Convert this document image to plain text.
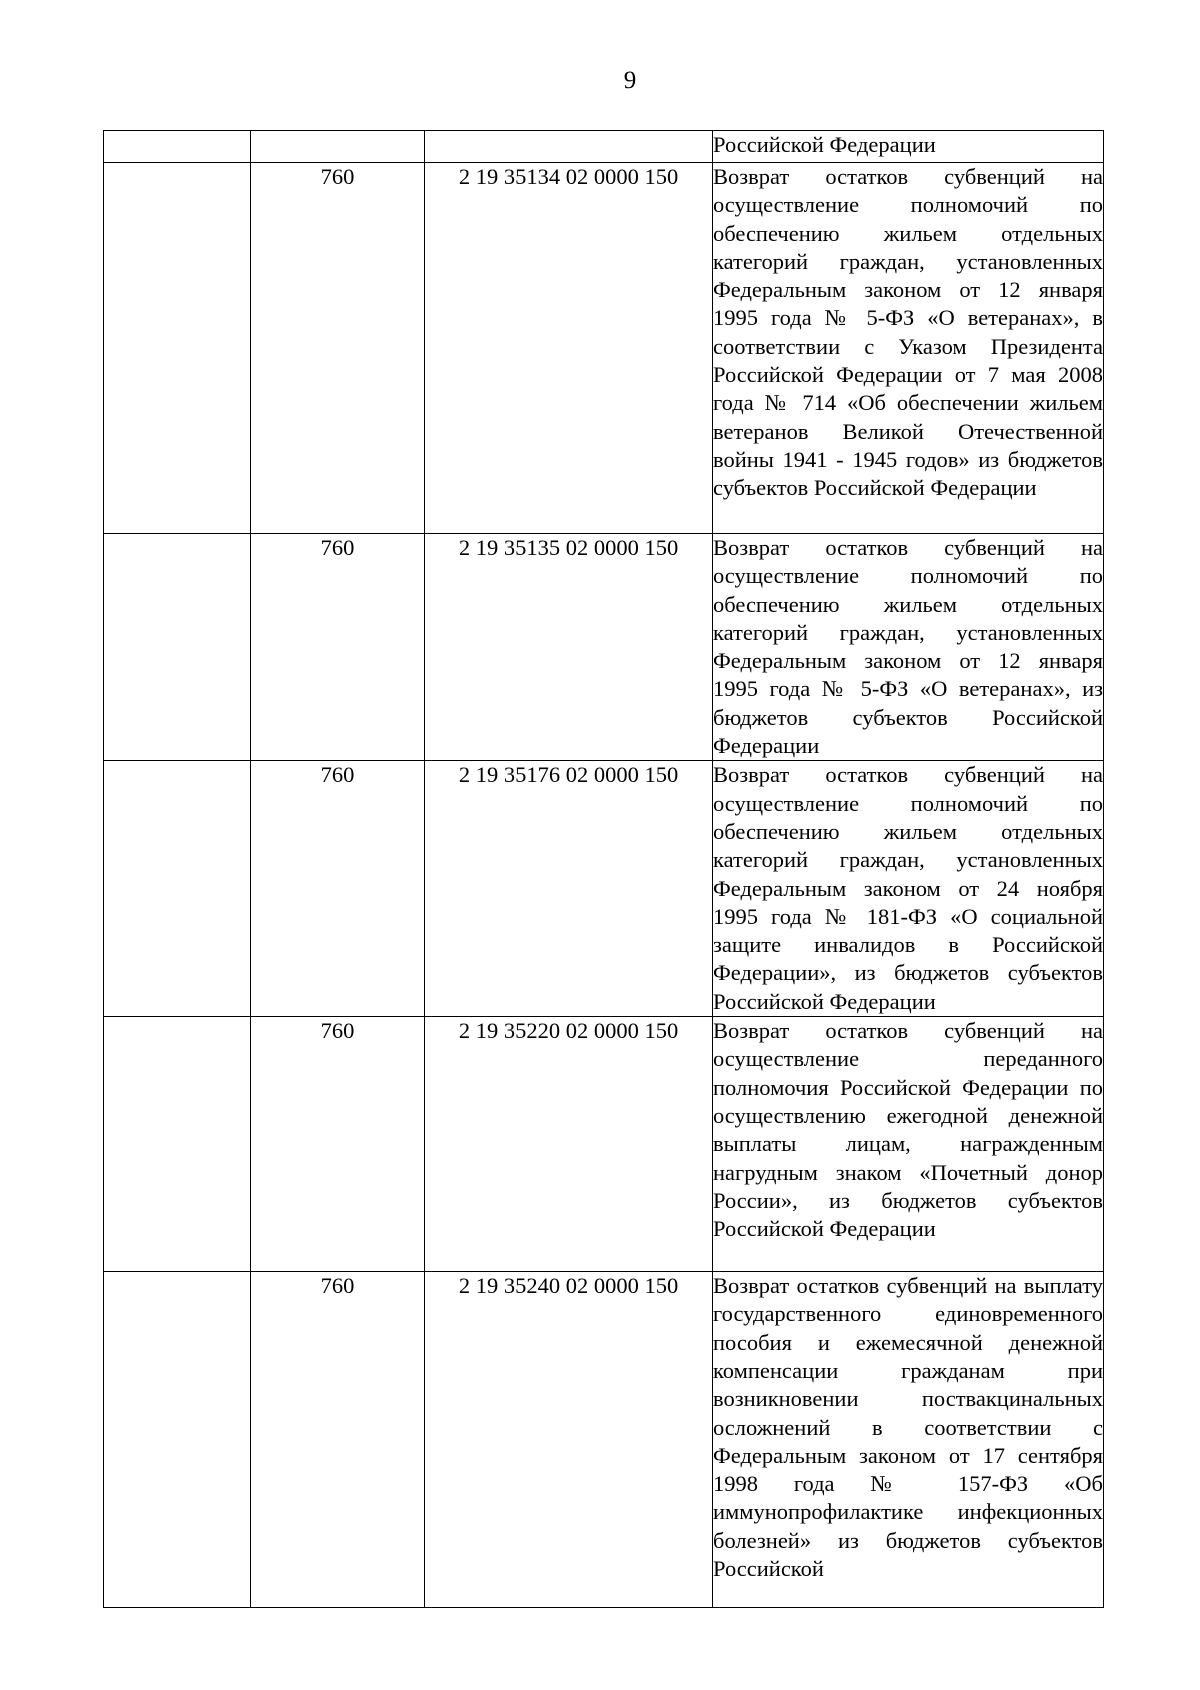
9
			Российской Федерации
	760	2 19 35134 02 0000 150	Возврат остатков субвенций на осуществление полномочий по обеспечению жильем отдельных категорий граждан, установленных Федеральным законом от 12 января 1995 года № 5-ФЗ «О ветеранах», в соответствии с Указом Президента Российской Федерации от 7 мая 2008 года № 714 «Об обеспечении жильем ветеранов Великой Отечественной войны 1941 - 1945 годов» из бюджетов субъектов Российской Федерации
	760	2 19 35135 02 0000 150	Возврат остатков субвенций на осуществление полномочий по обеспечению жильем отдельных категорий граждан, установленных Федеральным законом от 12 января 1995 года № 5-ФЗ «О ветеранах», из бюджетов субъектов Российской Федерации
	760	2 19 35176 02 0000 150	Возврат остатков субвенций на осуществление полномочий по обеспечению жильем отдельных категорий граждан, установленных Федеральным законом от 24 ноября 1995 года № 181-ФЗ «О социальной защите инвалидов в Российской Федерации», из бюджетов субъектов Российской Федерации
	760	2 19 35220 02 0000 150	Возврат остатков субвенций на осуществление переданного полномочия Российской Федерации по осуществлению ежегодной денежной выплаты лицам, награжденным нагрудным знаком «Почетный донор России», из бюджетов субъектов Российской Федерации
	760	2 19 35240 02 0000 150	Возврат остатков субвенций на выплату государственного единовременного пособия и ежемесячной денежной компенсации гражданам при возникновении поствакцинальных осложнений в соответствии с Федеральным законом от 17 сентября 1998 года № 157-ФЗ «Об иммунопрофилактике инфекционных болезней» из бюджетов субъектов Российской
